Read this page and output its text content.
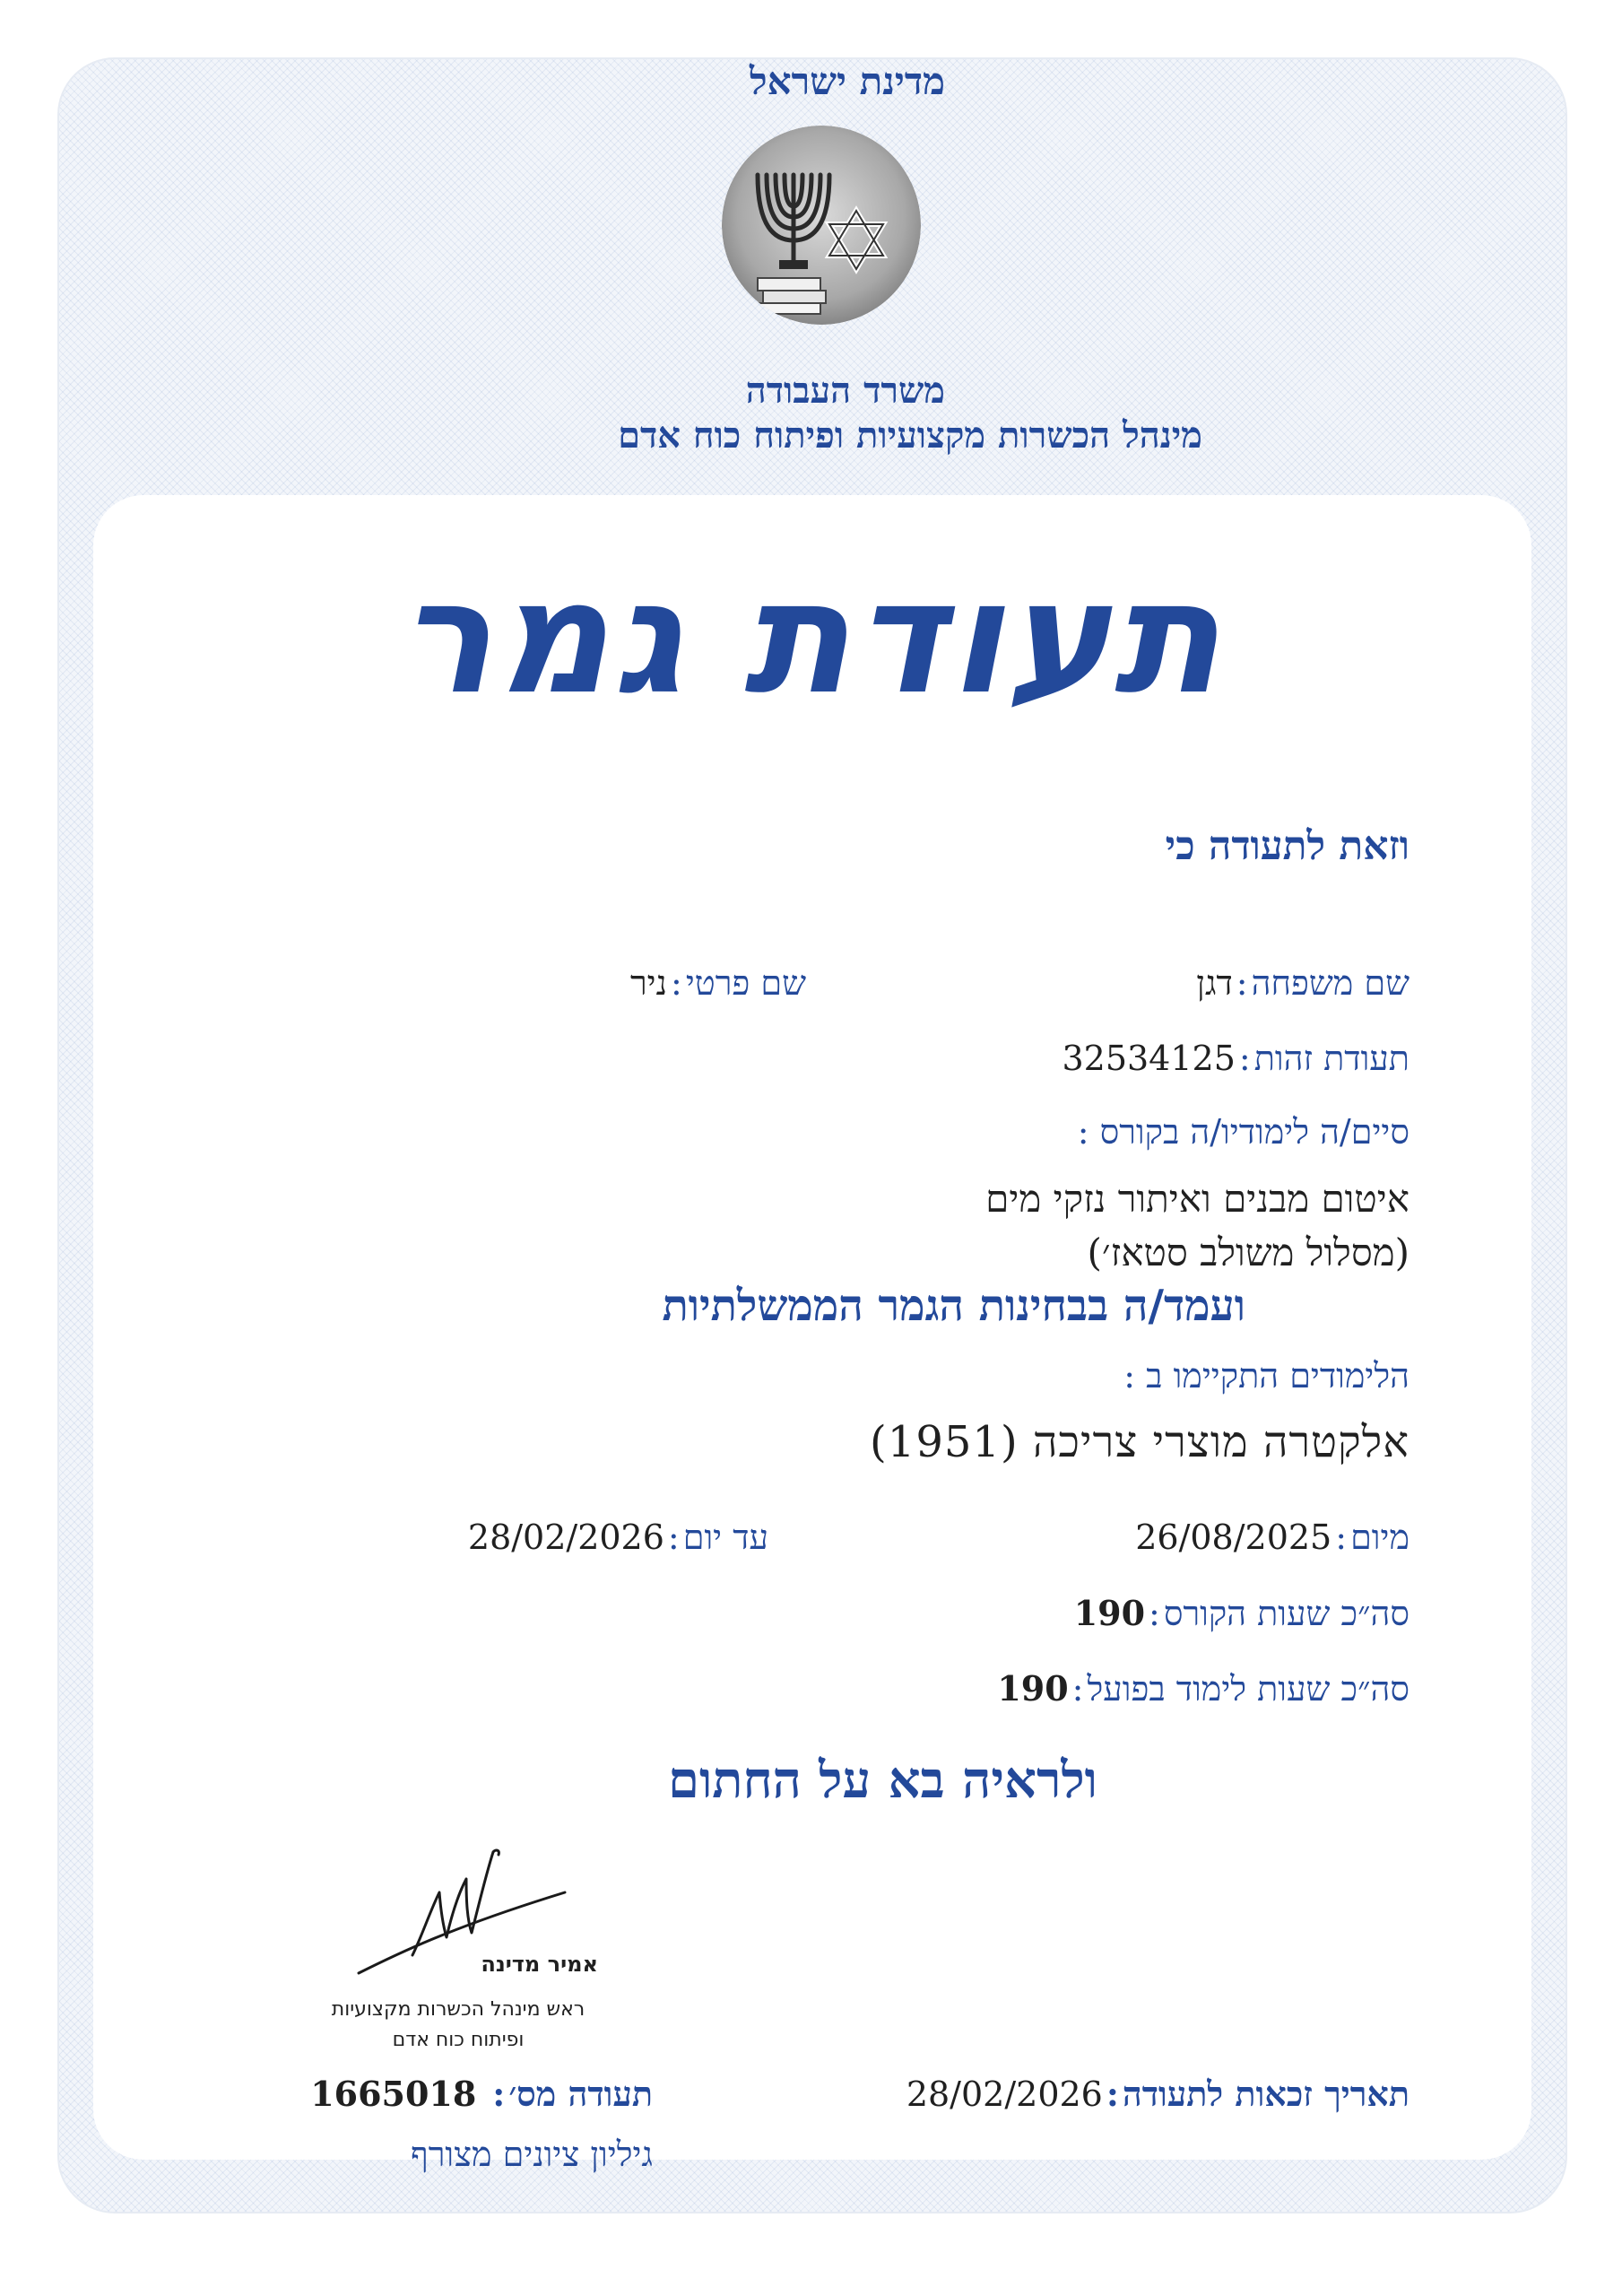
מדינת ישראל
משרד העבודה
מינהל הכשרות מקצועיות ופיתוח כוח אדם
תעודת גמר
וזאת לתעודה כי
שם משפחה
:
דגן
שם פרטי
:
ניר
תעודת זהות
:
32534125
סיים/ה לימודיו/ה בקורס :
איטום מבנים ואיתור נזקי מים
(מסלול משולב סטאז׳)
ועמד/ה בבחינות הגמר הממשלתיות
הלימודים התקיימו ב :
אלקטרה מוצרי צריכה (1951)
מיום
:
26/08/2025
עד יום
:
28/02/2026
סה״כ שעות הקורס
:
190
סה״כ שעות לימוד בפועל
:
190
ולראיה בא על החתום
אמיר מדינה
ראש מינהל הכשרות מקצועיות
ופיתוח כוח אדם
תאריך זכאות לתעודה
:
28/02/2026
תעודה מס׳
:
1665018
גיליון ציונים מצורף
